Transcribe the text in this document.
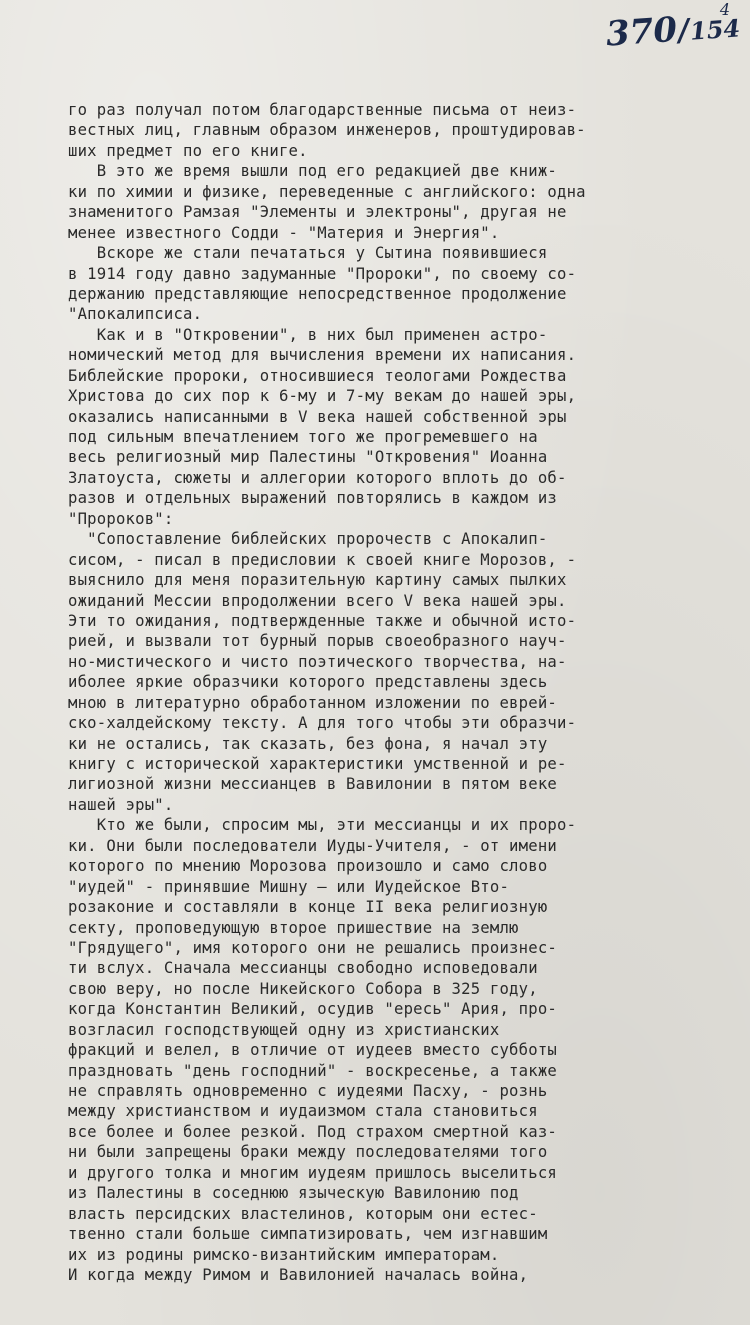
4
370/154
го раз получал потом благодарственные письма от неиз-
вестных лиц, главным образом инженеров, проштудировав-
ших предмет по его книге.
В это же время вышли под его редакцией две книж-
ки по химии и физике, переведенные с английского: одна
знаменитого Рамзая "Элементы и электроны", другая не
менее известного Содди - "Материя и Энергия".
Вскоре же стали печататься у Сытина появившиеся
в 1914 году давно задуманные "Пророки", по своему со-
держанию представляющие непосредственное продолжение
"Апокалипсиса.
Как и в "Откровении", в них был применен астро-
номический метод для вычисления времени их написания.
Библейские пророки, относившиеся теологами Рождества
Христова до сих пор к 6-му и 7-му векам до нашей эры,
оказались написанными в V века нашей собственной эры
под сильным впечатлением того же прогремевшего на
весь религиозный мир Палестины "Откровения" Иоанна
Златоуста, сюжеты и аллегории которого вплоть до об-
разов и отдельных выражений повторялись в каждом из
"Пророков":
"Сопоставление библейских пророчеств с Апокалип-
сисом, - писал в предисловии к своей книге Морозов, -
выяснило для меня поразительную картину самых пылких
ожиданий Мессии впродолжении всего V века нашей эры.
Эти то ожидания, подтвержденные также и обычной исто-
рией, и вызвали тот бурный порыв своеобразного науч-
но-мистического и чисто поэтического творчества, на-
иболее яркие образчики которого представлены здесь
мною в литературно обработанном изложении по еврей-
ско-халдейскому тексту. А для того чтобы эти образчи-
ки не остались, так сказать, без фона, я начал эту
книгу с исторической характеристики умственной и ре-
лигиозной жизни мессианцев в Вавилонии в пятом веке
нашей эры".
Кто же были, спросим мы, эти мессианцы и их проро-
ки. Они были последователи Иуды-Учителя, - от имени
которого по мнению Морозова произошло и само слово
"иудей" - принявшие Мишну — или Иудейское Вто-
розаконие и составляли в конце II века религиозную
секту, проповедующую второе пришествие на землю
"Грядущего", имя которого они не решались произнес-
ти вслух. Сначала мессианцы свободно исповедовали
свою веру, но после Никейского Собора в 325 году,
когда Константин Великий, осудив "ересь" Ария, про-
возгласил господствующей одну из христианских
фракций и велел, в отличие от иудеев вместо субботы
праздновать "день господний" - воскресенье, а также
не справлять одновременно с иудеями Пасху, - рознь
между христианством и иудаизмом стала становиться
все более и более резкой. Под страхом смертной каз-
ни были запрещены браки между последователями того
и другого толка и многим иудеям пришлось выселиться
из Палестины в соседнюю языческую Вавилонию под
власть персидских властелинов, которым они естес-
твенно стали больше симпатизировать, чем изгнавшим
их из родины римско-византийским императорам.
И когда между Римом и Вавилонией началась война,
